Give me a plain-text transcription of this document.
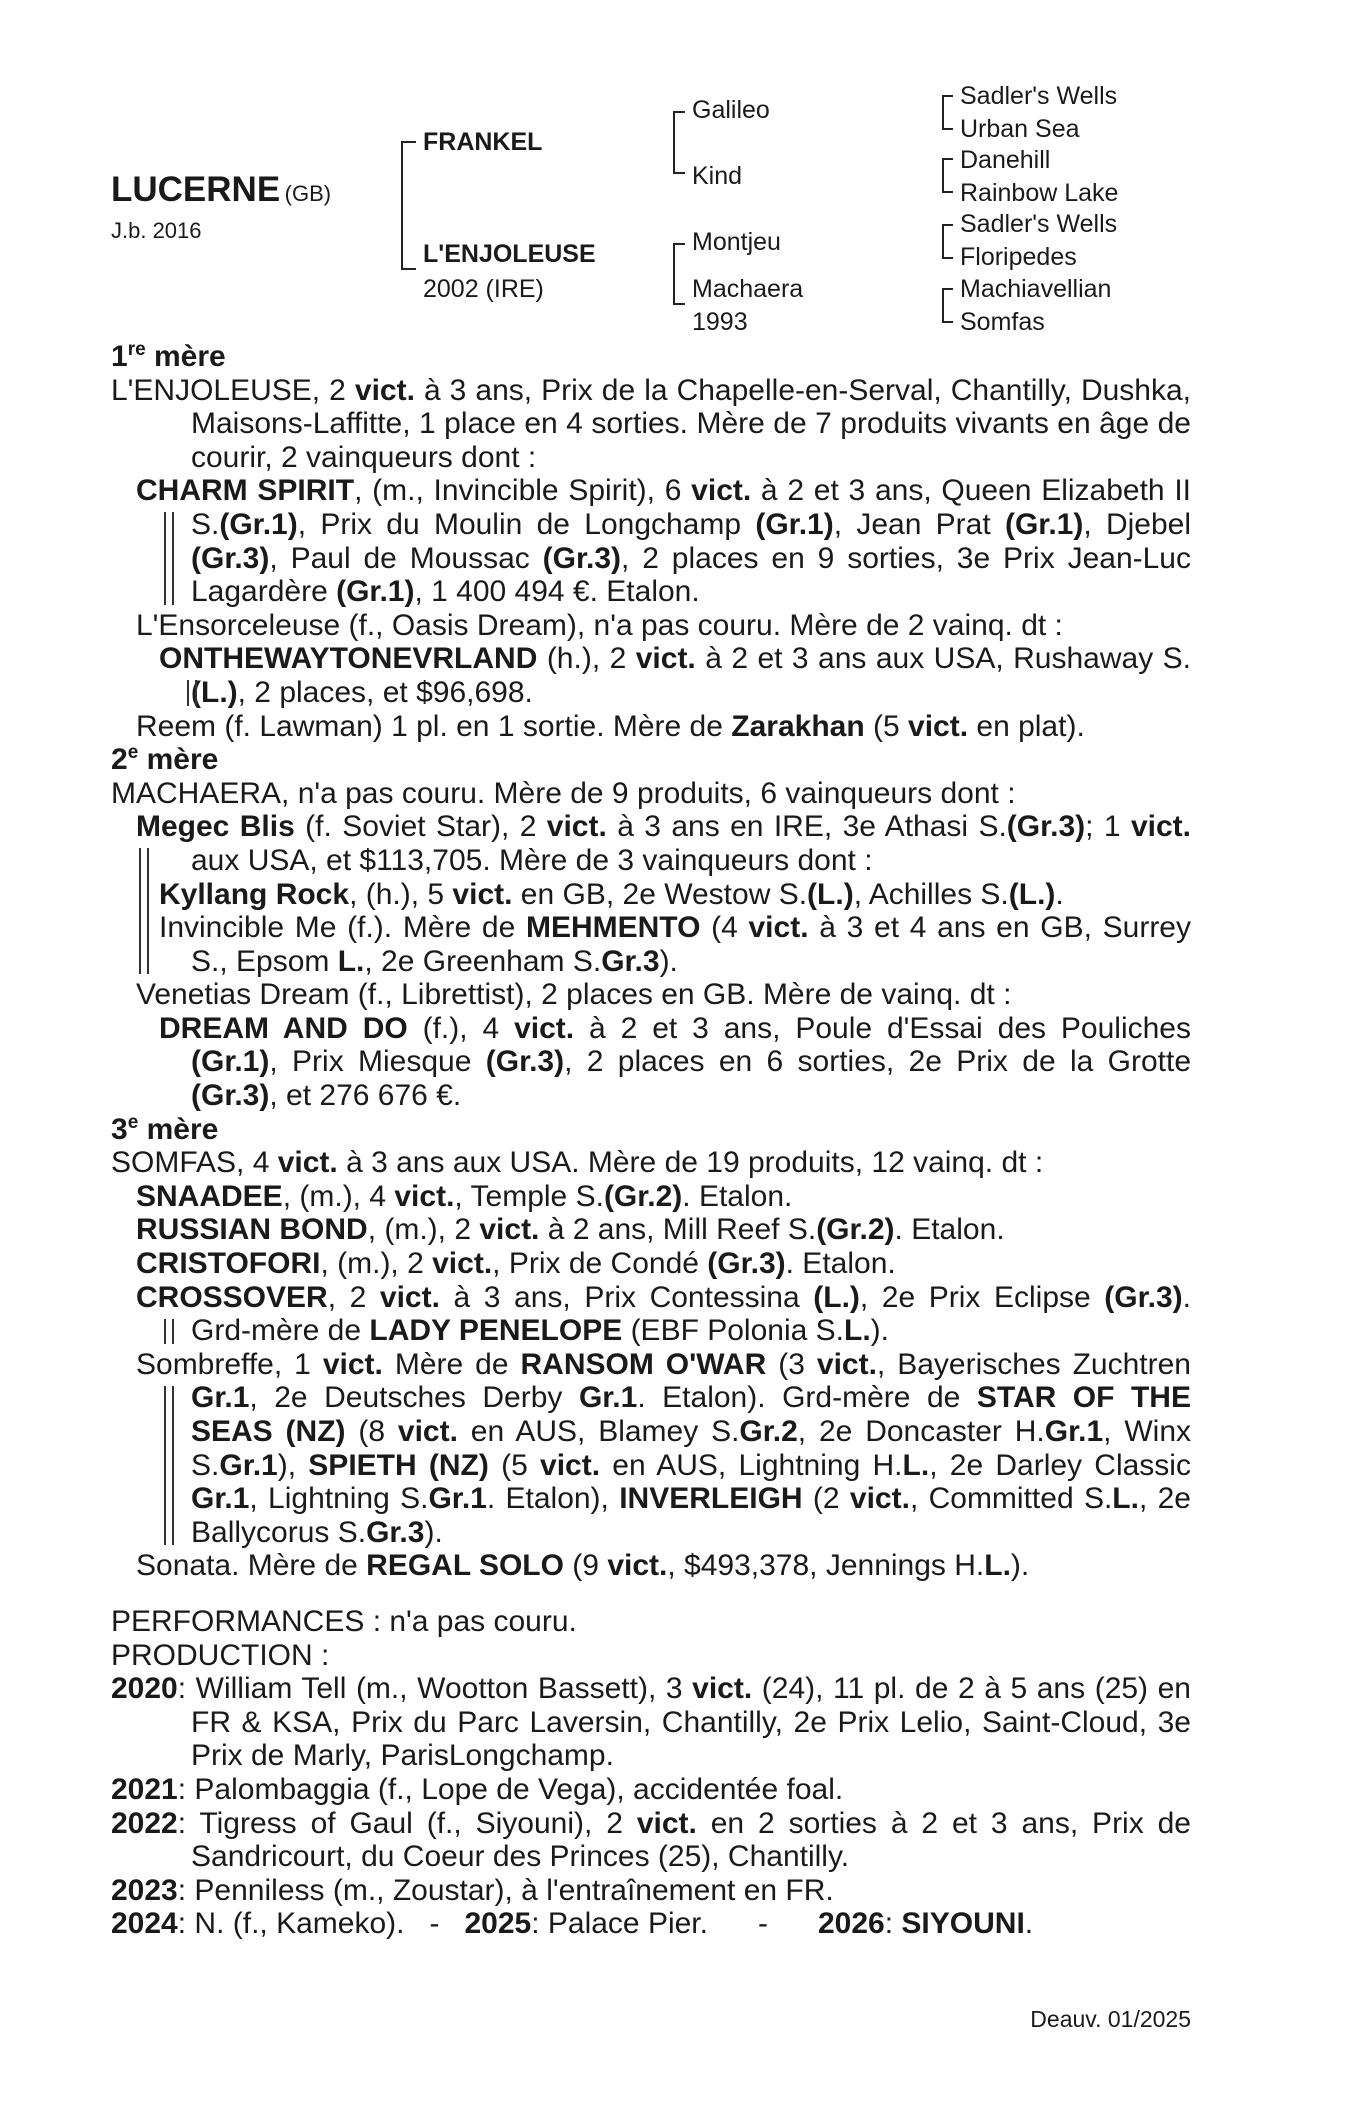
LUCERNE (GB)
J.b. 2016
FRANKEL
L'ENJOLEUSE
2002 (IRE)
Galileo
Kind
Montjeu
Machaera
1993
Sadler's Wells
Urban Sea
Danehill
Rainbow Lake
Sadler's Wells
Floripedes
Machiavellian
Somfas
1re mère
L'ENJOLEUSE, 2 vict. à 3 ans, Prix de la Chapelle-en-Serval, Chantilly, Dushka, Maisons-Laffitte, 1 place en 4 sorties. Mère de 7 produits vivants en âge de courir, 2 vainqueurs dont :
CHARM SPIRIT, (m., Invincible Spirit), 6 vict. à 2 et 3 ans, Queen Elizabeth II S.(Gr.1), Prix du Moulin de Longchamp (Gr.1), Jean Prat (Gr.1), Djebel (Gr.3), Paul de Moussac (Gr.3), 2 places en 9 sorties, 3e Prix Jean-Luc Lagardère (Gr.1), 1 400 494 €. Etalon.
L'Ensorceleuse (f., Oasis Dream), n'a pas couru. Mère de 2 vainq. dt :
ONTHEWAYTONEVRLAND (h.), 2 vict. à 2 et 3 ans aux USA, Rushaway S.(L.), 2 places, et $96,698.
Reem (f. Lawman) 1 pl. en 1 sortie. Mère de Zarakhan (5 vict. en plat).
2e mère
MACHAERA, n'a pas couru. Mère de 9 produits, 6 vainqueurs dont :
Megec Blis (f. Soviet Star), 2 vict. à 3 ans en IRE, 3e Athasi S.(Gr.3); 1 vict. aux USA, et $113,705. Mère de 3 vainqueurs dont :
Kyllang Rock, (h.), 5 vict. en GB, 2e Westow S.(L.), Achilles S.(L.).
Invincible Me (f.). Mère de MEHMENTO (4 vict. à 3 et 4 ans en GB, Surrey S., Epsom L., 2e Greenham S.Gr.3).
Venetias Dream (f., Librettist), 2 places en GB. Mère de vainq. dt :
DREAM AND DO (f.), 4 vict. à 2 et 3 ans, Poule d'Essai des Pouliches (Gr.1), Prix Miesque (Gr.3), 2 places en 6 sorties, 2e Prix de la Grotte (Gr.3), et 276 676 €.
3e mère
SOMFAS, 4 vict. à 3 ans aux USA. Mère de 19 produits, 12 vainq. dt :
SNAADEE, (m.), 4 vict., Temple S.(Gr.2). Etalon.
RUSSIAN BOND, (m.), 2 vict. à 2 ans, Mill Reef S.(Gr.2). Etalon.
CRISTOFORI, (m.), 2 vict., Prix de Condé (Gr.3). Etalon.
CROSSOVER, 2 vict. à 3 ans, Prix Contessina (L.), 2e Prix Eclipse (Gr.3). Grd-mère de LADY PENELOPE (EBF Polonia S.L.).
Sombreffe, 1 vict. Mère de RANSOM O'WAR (3 vict., Bayerisches Zuchtren Gr.1, 2e Deutsches Derby Gr.1. Etalon). Grd-mère de STAR OF THE SEAS (NZ) (8 vict. en AUS, Blamey S.Gr.2, 2e Doncaster H.Gr.1, Winx S.Gr.1), SPIETH (NZ) (5 vict. en AUS, Lightning H.L., 2e Darley Classic Gr.1, Lightning S.Gr.1. Etalon), INVERLEIGH (2 vict., Committed S.L., 2e Ballycorus S.Gr.3).
Sonata. Mère de REGAL SOLO (9 vict., $493,378, Jennings H.L.).
PERFORMANCES : n'a pas couru.
PRODUCTION :
2020: William Tell (m., Wootton Bassett), 3 vict. (24), 11 pl. de 2 à 5 ans (25) en FR & KSA, Prix du Parc Laversin, Chantilly, 2e Prix Lelio, Saint-Cloud, 3e Prix de Marly, ParisLongchamp.
2021: Palombaggia (f., Lope de Vega), accidentée foal.
2022: Tigress of Gaul (f., Siyouni), 2 vict. en 2 sorties à 2 et 3 ans, Prix de Sandricourt, du Coeur des Princes (25), Chantilly.
2023: Penniless (m., Zoustar), à l'entraînement en FR.
2024: N. (f., Kameko).   -   2025: Palace Pier.      -      2026: SIYOUNI.
Deauv. 01/2025
